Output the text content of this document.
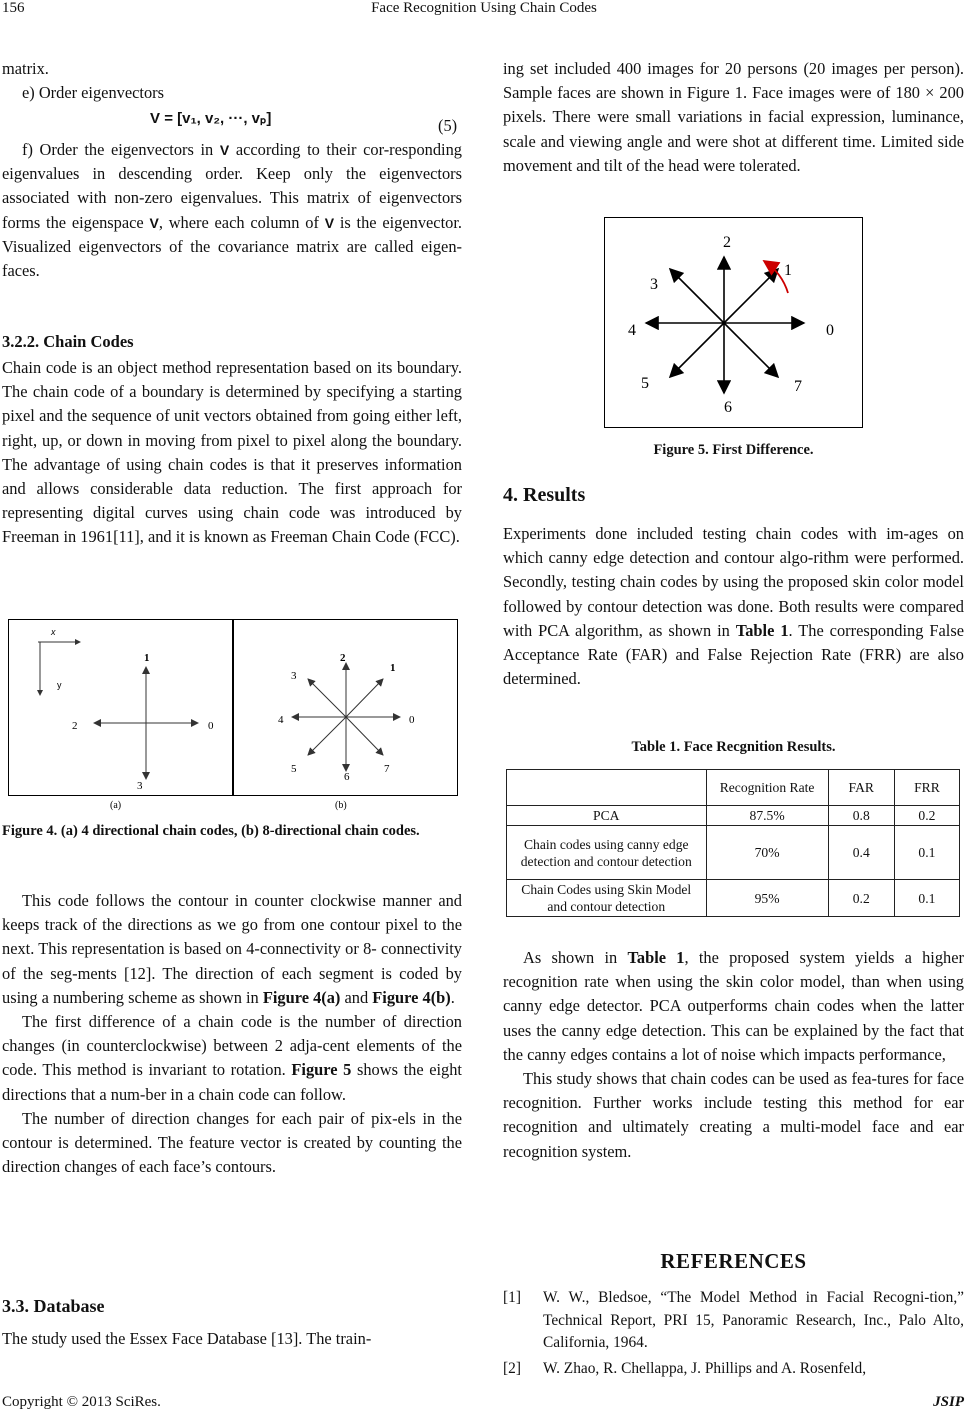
156	Face Recognition Using Chain Codes

matrix.

e) Order eigenvectors

V = [v₁, v₂, ···, vₚ]	(5)

f) Order the eigenvectors in V according to their cor-responding eigenvalues in descending order. Keep only the eigenvectors associated with non-zero eigenvalues. This matrix of eigenvectors forms the eigenspace V, where each column of V is the eigenvector. Visualized eigenvectors of the covariance matrix are called eigen-faces.

3.2.2. Chain Codes

Chain code is an object method representation based on its boundary. The chain code of a boundary is determined by specifying a starting pixel and the sequence of unit vectors obtained from going either left, right, up, or down in moving from pixel to pixel along the boundary. The advantage of using chain codes is that it preserves information and allows considerable data reduction. The first approach for representing digital curves using chain code was introduced by Freeman in 1961[11], and it is known as Freeman Chain Code (FCC).

x
y
0
1
2
3
(a)
0
1
2
3
4
5
6
7
(b)
Figure 4. (a) 4 directional chain codes, (b) 8-directional chain codes.

This code follows the contour in counter clockwise manner and keeps track of the directions as we go from one contour pixel to the next. This representation is based on 4-connectivity or 8- connectivity of the seg-ments [12]. The direction of each segment is coded by using a numbering scheme as shown in Figure 4(a) and Figure 4(b).

The first difference of a chain code is the number of direction changes (in counterclockwise) between 2 adja-cent elements of the code. This method is invariant to rotation. Figure 5 shows the eight directions that a num-ber in a chain code can follow.

The number of direction changes for each pair of pix-els in the contour is determined. The feature vector is created by counting the direction changes of each face’s contours.

3.3. Database
The study used the Essex Face Database [13]. The train-
ing set included 400 images for 20 persons (20 images per person). Sample faces are shown in Figure 1. Face images were of 180 × 200 pixels. There were small variations in facial expression, luminance, scale and viewing angle and were shot at different time. Limited side movement and tilt of the head were tolerated.
0
1
2
3
4
5
6
7
Figure 5. First Difference.
4. Results

Experiments done included testing chain codes with im-ages on which canny edge detection and contour algo-rithm were performed. Secondly, testing chain codes by using the proposed skin color model followed by contour detection was done. Both results were compared with PCA algorithm, as shown in Table 1. The corresponding False Acceptance Rate (FAR) and False Rejection Rate (FRR) are also determined.

Table 1. Face Recgnition Results.
	Recognition Rate	FAR	FRR
PCA	87.5%	0.8	0.2
Chain codes using canny edge detection and contour detection	70%	0.4	0.1
Chain Codes using Skin Model and contour detection	95%	0.2	0.1

As shown in Table 1, the proposed system yields a higher recognition rate when using the skin color model, than when using canny edge detector. PCA outperforms chain codes when the latter uses the canny edge detection. This can be explained by the fact that the canny edges contains a lot of noise which impacts performance,

This study shows that chain codes can be used as fea-tures for face recognition. Further works include testing this method for ear recognition and ultimately creating a multi-model face and ear recognition system.

REFERENCES
[1] W. W., Bledsoe, “The Model Method in Facial Recogni-tion,” Technical Report, PRI 15, Panoramic Research, Inc., Palo Alto, California, 1964.
[2] W. Zhao, R. Chellappa, J. Phillips and A. Rosenfeld,
Copyright © 2013 SciRes.	JSIP
